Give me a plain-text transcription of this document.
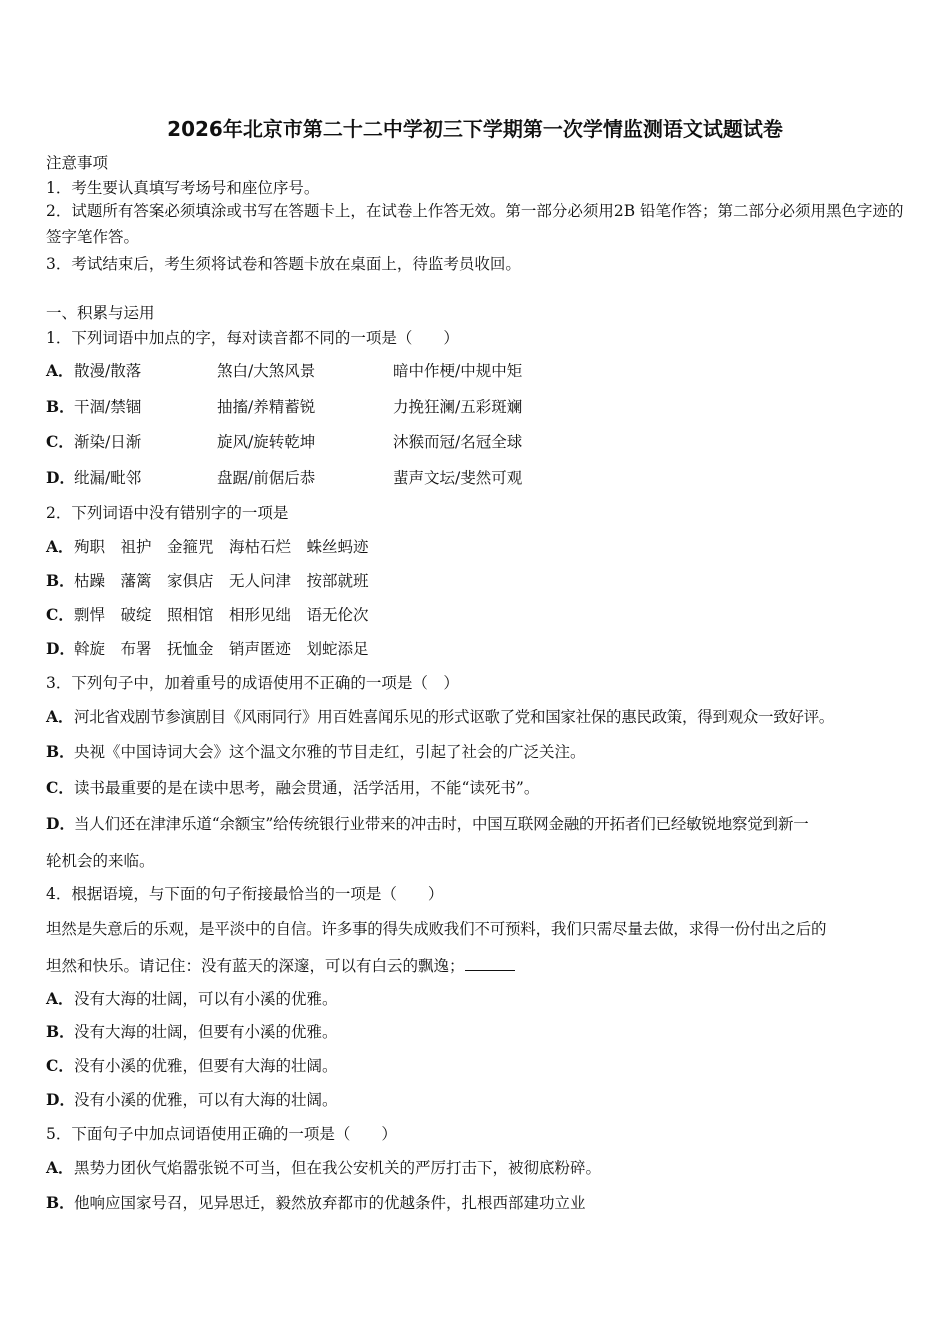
2026年北京市第二十二中学初三下学期第一次学情监测语文试题试卷
注意事项
1．考生要认真填写考场号和座位序号。
2．试题所有答案必须填涂或书写在答题卡上，在试卷上作答无效。第一部分必须用2B 铅笔作答；第二部分必须用黑色字迹的签字笔作答。
3．考试结束后，考生须将试卷和答题卡放在桌面上，待监考员收回。
一、积累与运用
1．下列词语中加点的字，每对读音都不同的一项是（　　）
A． 散漫/散落	煞白/大煞风景	暗中作梗/中规中矩
B． 干涸/禁锢	抽搐/养精蓄锐	力挽狂澜/五彩斑斓
C． 渐染/日渐	旋风/旋转乾坤	沐猴而冠/名冠全球
D． 纰漏/毗邻	盘踞/前倨后恭	蜚声文坛/斐然可观
2．下列词语中没有错别字的一项是
A． 殉职　祖护　金箍咒　海枯石烂　蛛丝蚂迹
B． 枯躁　藩篱　家俱店　无人问津　按部就班
C． 剽悍　破绽　照相馆　相形见绌　语无伦次
D． 斡旋　布署　抚恤金　销声匿迹　划蛇添足
3．下列句子中，加着重号的成语使用不正确的一项是（　）
A． 河北省戏剧节参演剧目《风雨同行》用百姓喜闻乐见的形式讴歌了党和国家社保的惠民政策，得到观众一致好评。
B． 央视《中国诗词大会》这个温文尔雅的节目走红，引起了社会的广泛关注。
C． 读书最重要的是在读中思考，融会贯通，活学活用，不能“读死书”。
D． 当人们还在津津乐道“余额宝”给传统银行业带来的冲击时，中国互联网金融的开拓者们已经敏锐地察觉到新一
轮机会的来临。
4．根据语境，与下面的句子衔接最恰当的一项是（　　）
坦然是失意后的乐观，是平淡中的自信。许多事的得失成败我们不可预料，我们只需尽量去做，求得一份付出之后的
坦然和快乐。请记住：没有蓝天的深邃，可以有白云的飘逸；
A． 没有大海的壮阔，可以有小溪的优雅。
B． 没有大海的壮阔，但要有小溪的优雅。
C． 没有小溪的优雅，但要有大海的壮阔。
D． 没有小溪的优雅，可以有大海的壮阔。
5．下面句子中加点词语使用正确的一项是（　　）
A． 黑势力团伙气焰嚣张锐不可当，但在我公安机关的严厉打击下，被彻底粉碎。
B． 他响应国家号召，见异思迁，毅然放弃都市的优越条件，扎根西部建功立业
